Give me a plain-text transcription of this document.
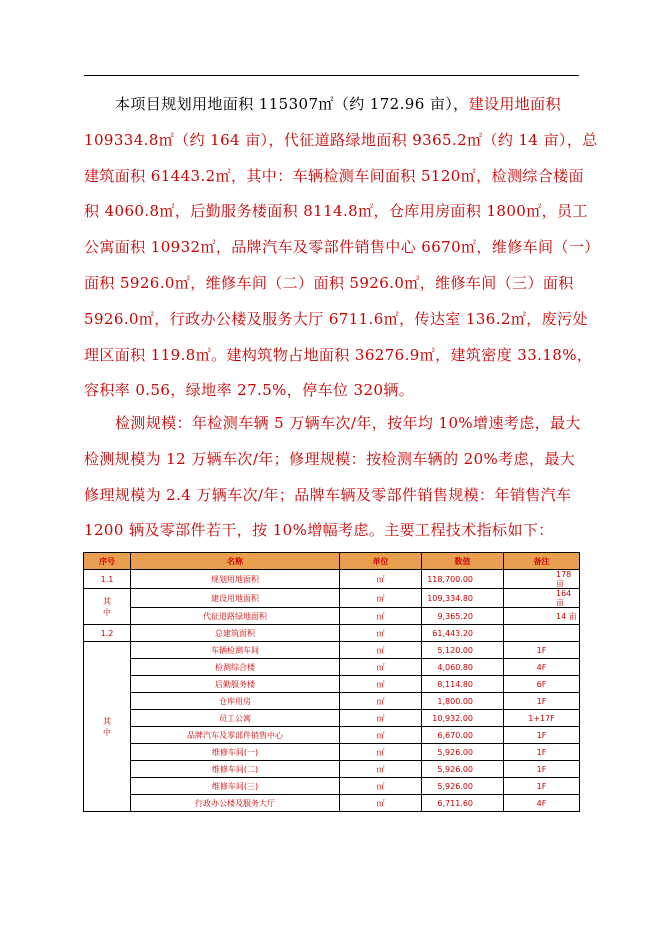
本项目规划用地面积 115307㎡（约 172.96 亩），建设用地面积
109334.8㎡（约 164 亩），代征道路绿地面积 9365.2㎡（约 14 亩），总
建筑面积 61443.2㎡，其中：车辆检测车间面积 5120㎡，检测综合楼面
积 4060.8㎡，后勤服务楼面积 8114.8㎡，仓库用房面积 1800㎡，员工
公寓面积 10932㎡，品牌汽车及零部件销售中心 6670㎡，维修车间（一）
面积 5926.0㎡，维修车间（二）面积 5926.0㎡，维修车间（三）面积
5926.0㎡，行政办公楼及服务大厅 6711.6㎡，传达室 136.2㎡，废污处
理区面积 119.8㎡。建构筑物占地面积 36276.9㎡，建筑密度 33.18%，
容积率 0.56，绿地率 27.5%，停车位 320辆。
检测规模：年检测车辆 5 万辆车次/年，按年均 10%增速考虑，最大
检测规模为 12 万辆车次/年；修理规模：按检测车辆的 20%考虑，最大
修理规模为 2.4 万辆车次/年；品牌车辆及零部件销售规模：年销售汽车
1200 辆及零部件若干，按 10%增幅考虑。主要工程技术指标如下：
序号	名称	单位	数值	备注
1.1	规划用地面积	㎡	118,700.00	178 亩
其
中	建设用地面积	㎡	109,334.80	164 亩
	代征道路绿地面积	㎡	9,365.20	14 亩
1.2	总建筑面积	㎡	61,443.20	
其
中	车辆检测车间	㎡	5,120.00	1F
	检测综合楼	㎡	4,060.80	4F
	后勤服务楼	㎡	8,114.80	6F
	仓库用房	㎡	1,800.00	1F
	员工公寓	㎡	10,932.00	1+17F
	品牌汽车及零部件销售中心	㎡	6,670.00	1F
	维修车间(一)	㎡	5,926.00	1F
	维修车间(二)	㎡	5,926.00	1F
	维修车间(三)	㎡	5,926.00	1F
	行政办公楼及服务大厅	㎡	6,711.60	4F
